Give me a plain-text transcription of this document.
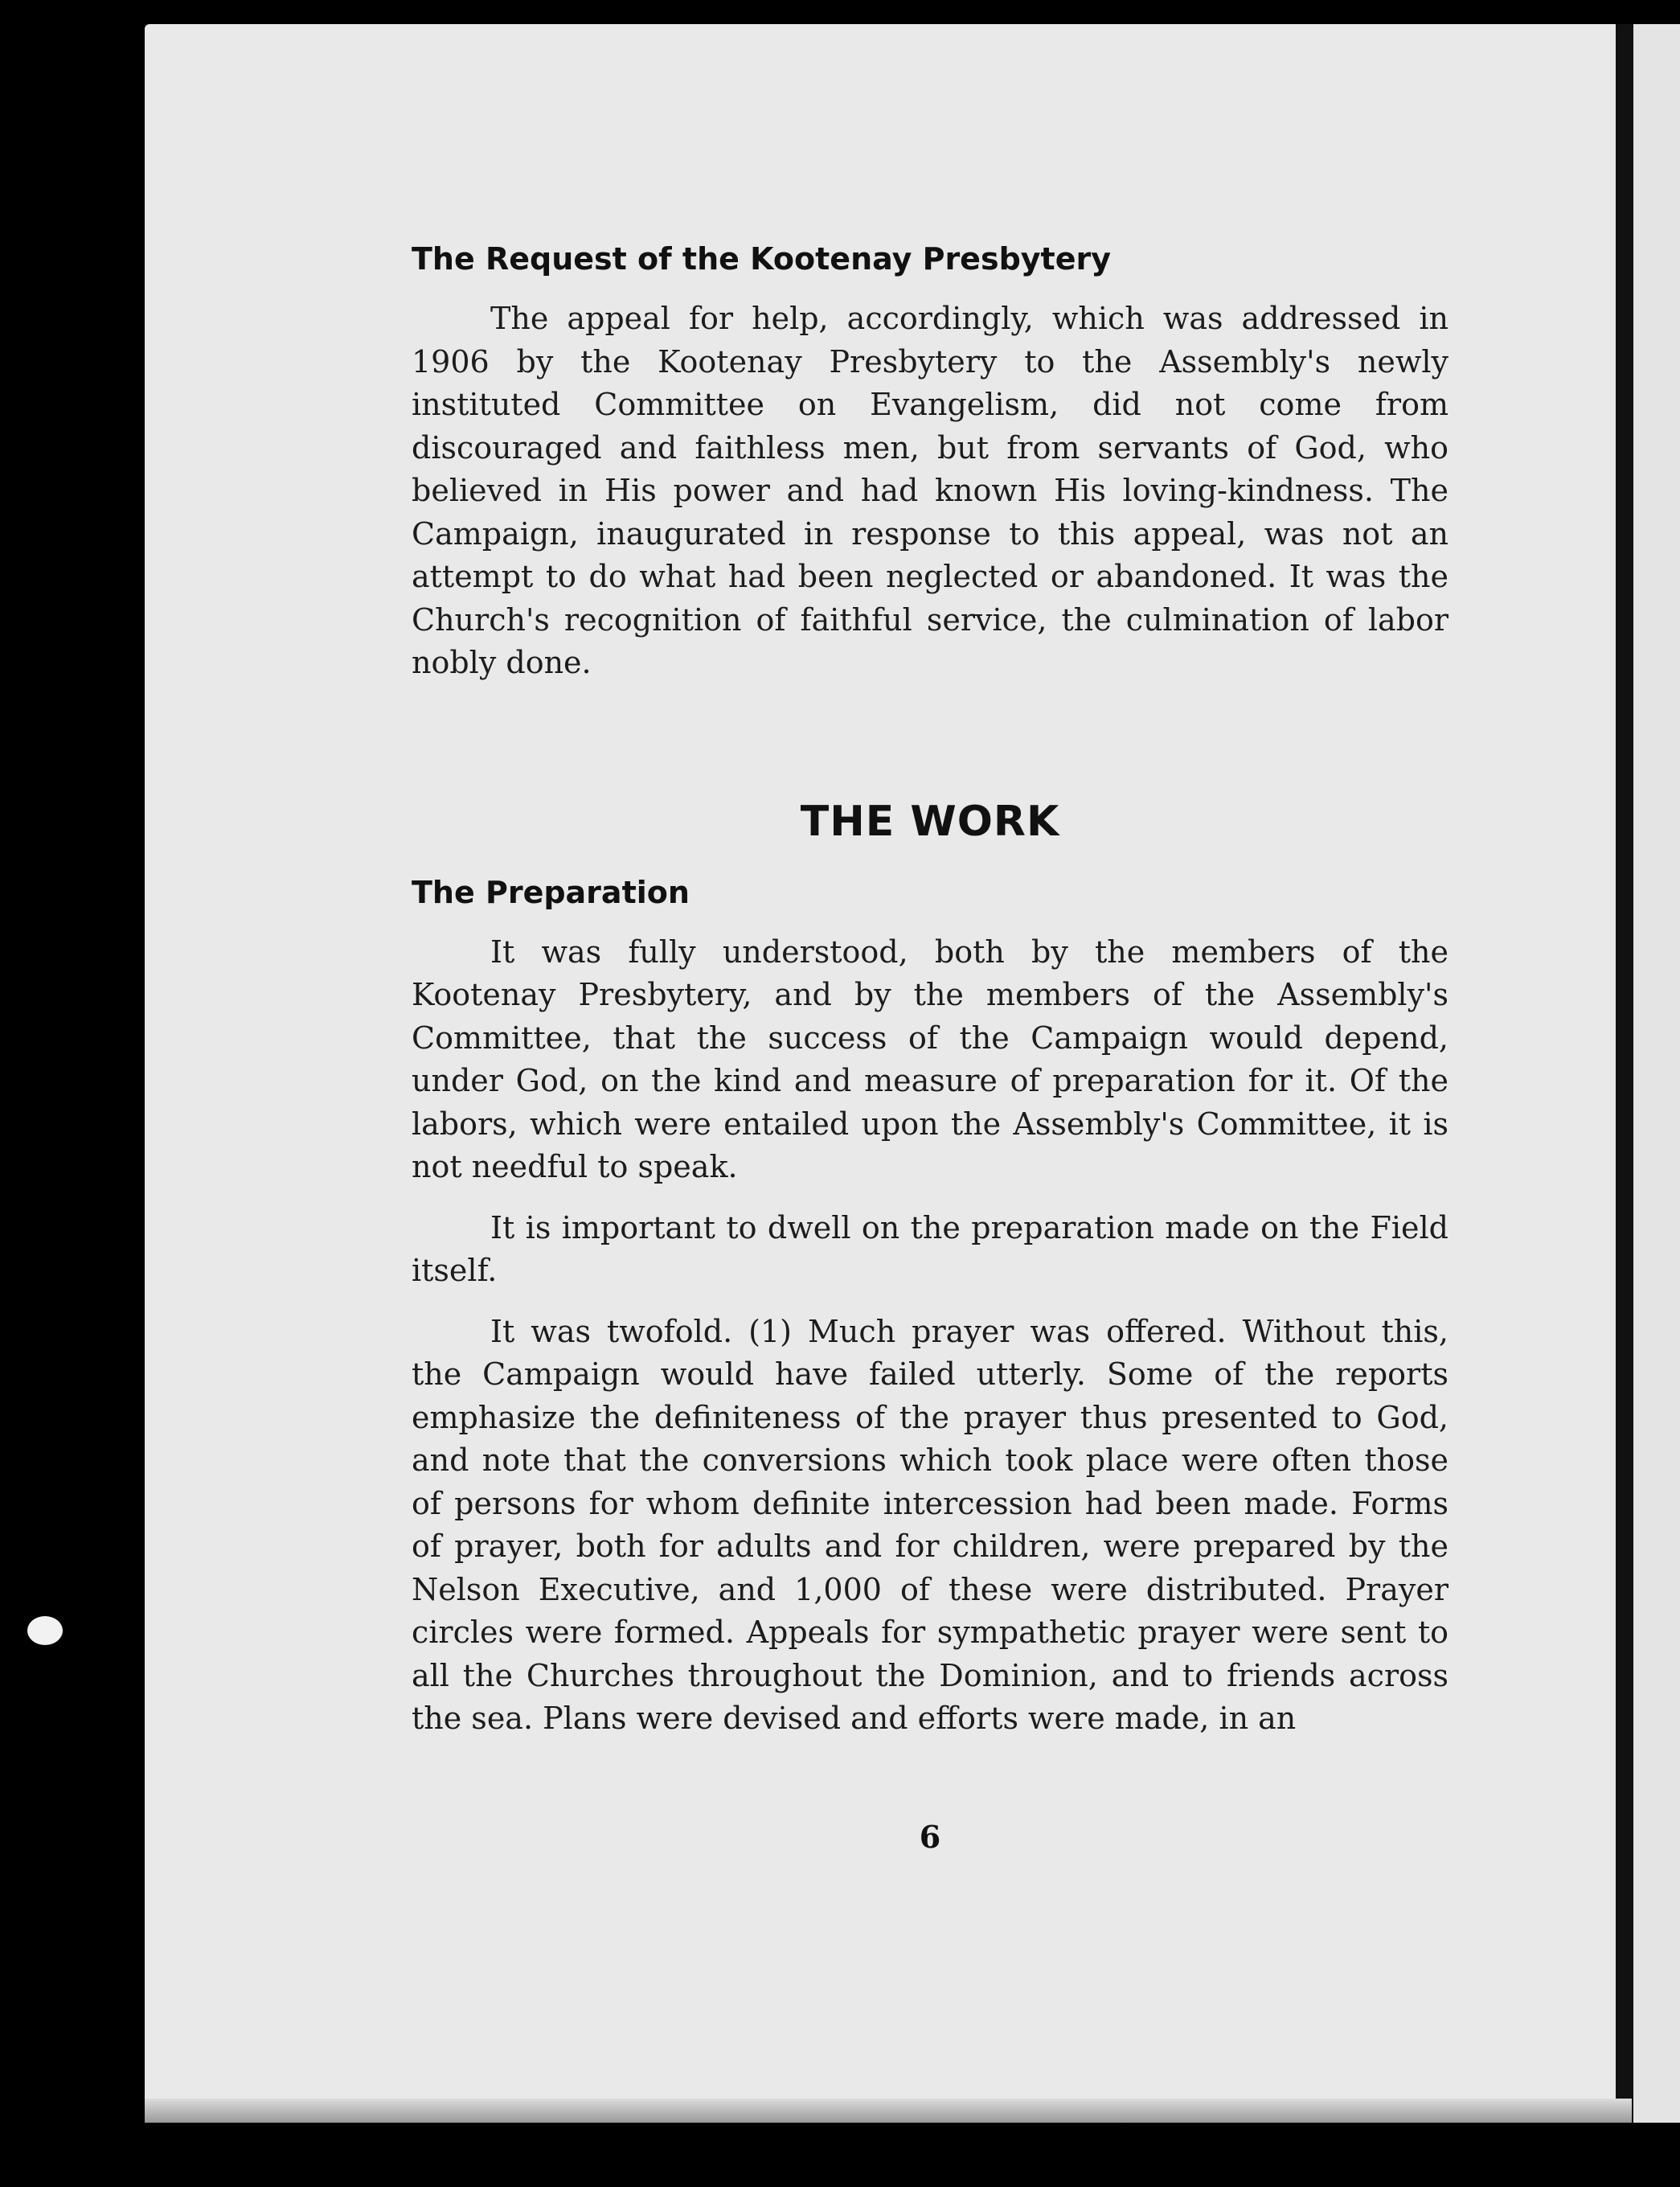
The Request of the Kootenay Presbytery

The appeal for help, accordingly, which was addressed in 1906 by the Kootenay Presbytery to the Assembly's newly instituted Committee on Evangelism, did not come from discouraged and faithless men, but from servants of God, who believed in His power and had known His loving-kindness. The Campaign, inaugurated in response to this appeal, was not an attempt to do what had been neglected or abandoned. It was the Church's recognition of faithful service, the culmination of labor nobly done.

THE WORK
The Preparation

It was fully understood, both by the members of the Kootenay Presbytery, and by the members of the Assembly's Committee, that the success of the Campaign would depend, under God, on the kind and measure of preparation for it. Of the labors, which were entailed upon the Assembly's Committee, it is not needful to speak.

It is important to dwell on the preparation made on the Field itself.

It was twofold. (1) Much prayer was offered. Without this, the Campaign would have failed utterly. Some of the reports emphasize the definiteness of the prayer thus presented to God, and note that the conversions which took place were often those of persons for whom definite intercession had been made. Forms of prayer, both for adults and for children, were prepared by the Nelson Executive, and 1,000 of these were distributed. Prayer circles were formed. Appeals for sympathetic prayer were sent to all the Churches throughout the Dominion, and to friends across the sea. Plans were devised and efforts were made, in an

6
